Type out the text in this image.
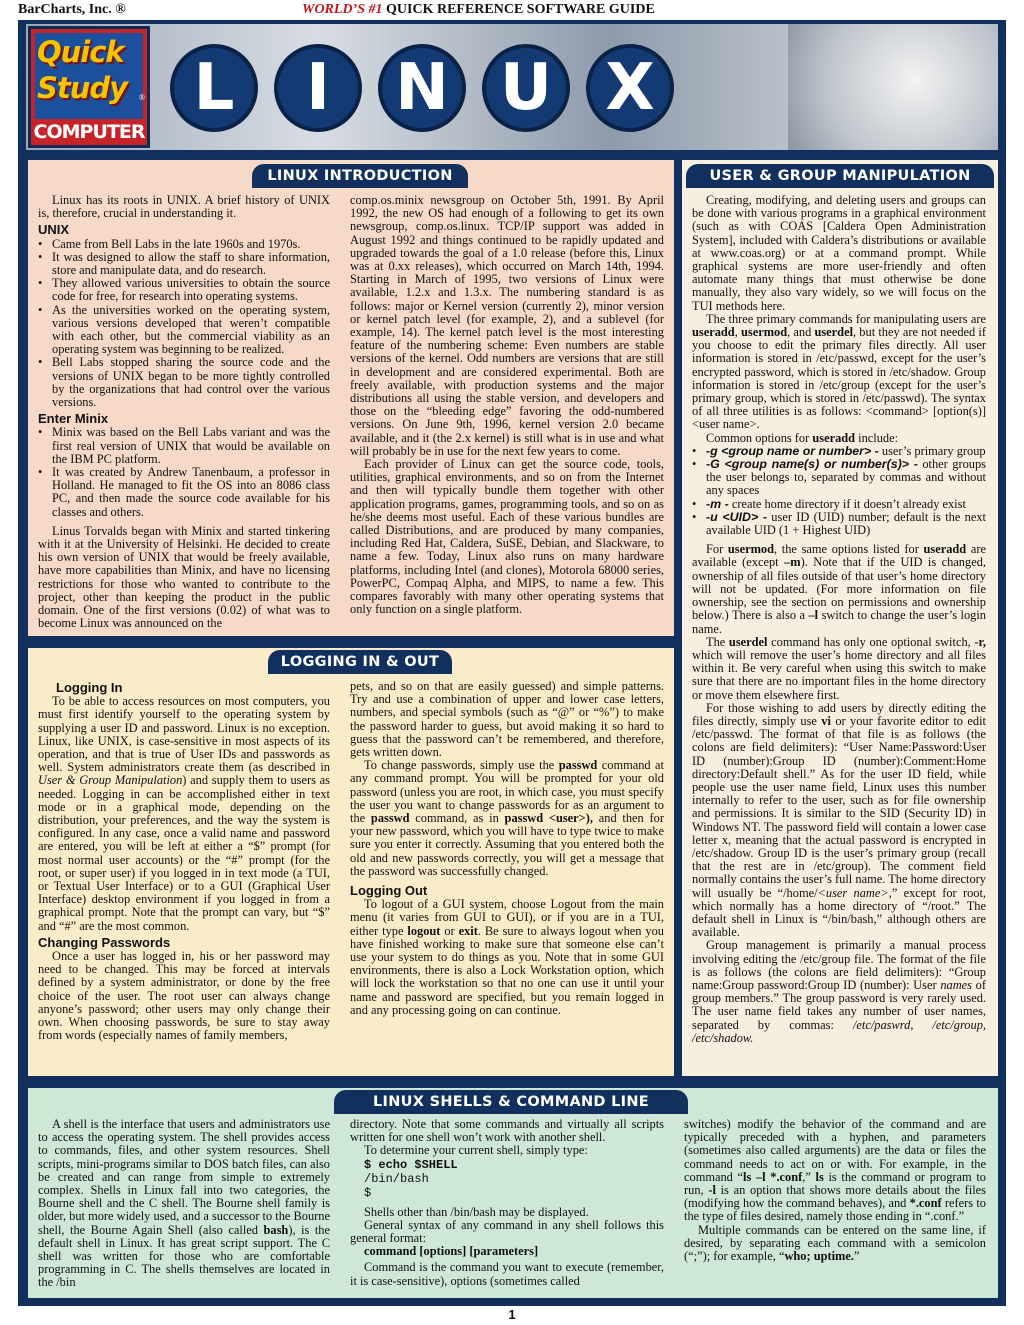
BarCharts, Inc. ®	WORLD’S #1 QUICK REFERENCE SOFTWARE GUIDE
Quick
Study ®
COMPUTER
L	I	N U X

Linux has its roots in UNIX. A brief history of UNIX is, therefore, crucial in understanding it.

UNIX
• Came from Bell Labs in the late 1960s and 1970s.
• It was designed to allow the staff to share information, store and manipulate data, and do research.
• They allowed various universities to obtain the source code for free, for research into operating systems.
• As the universities worked on the operating system, various versions developed that weren’t compatible with each other, but the commercial viability as an operating system was beginning to be realized.
• Bell Labs stopped sharing the source code and the versions of UNIX began to be more tightly controlled by the organizations that had control over the various versions.
Enter Minix
• Minix was based on the Bell Labs variant and was the first real version of UNIX that would be available on the IBM PC platform.
• It was created by Andrew Tanenbaum, a professor in Holland. He managed to fit the OS into an 8086 class PC, and then made the source code available for his classes and others.

Linus Torvalds began with Minix and started tinkering with it at the University of Helsinki. He decided to create his own version of UNIX that would be freely available, have more capabilities than Minix, and have no licensing restrictions for those who wanted to contribute to the project, other than keeping the product in the public domain. One of the first versions (0.02) of what was to become Linux was announced on the

comp.os.minix newsgroup on October 5th, 1991. By April 1992, the new OS had enough of a following to get its own newsgroup, comp.os.linux. TCP/IP support was added in August 1992 and things continued to be rapidly updated and upgraded towards the goal of a 1.0 release (before this, Linux was at 0.xx releases), which occurred on March 14th, 1994. Starting in March of 1995, two versions of Linux were available, 1.2.x and 1.3.x. The numbering standard is as follows: major or Kernel version (currently 2), minor version or kernel patch level (for example, 2), and a sublevel (for example, 14). The kernel patch level is the most interesting feature of the numbering scheme: Even numbers are stable versions of the kernel. Odd numbers are versions that are still in development and are considered experimental. Both are freely available, with production systems and the major distributions all using the stable version, and developers and those on the “bleeding edge” favoring the odd-numbered versions. On June 9th, 1996, kernel version 2.0 became available, and it (the 2.x kernel) is still what is in use and what will probably be in use for the next few years to come.

Each provider of Linux can get the source code, tools, utilities, graphical environments, and so on from the Internet and then will typically bundle them together with other application programs, games, programming tools, and so on as he/she deems most useful. Each of these various bundles are called Distributions, and are produced by many companies, including Red Hat, Caldera, SuSE, Debian, and Slackware, to name a few. Today, Linux also runs on many hardware platforms, including Intel (and clones), Motorola 68000 series, PowerPC, Compaq Alpha, and MIPS, to name a few. This compares favorably with many other operating systems that only function on a single platform.

LINUX INTRODUCTION
Logging In

To be able to access resources on most computers, you must first identify yourself to the operating system by supplying a user ID and password. Linux is no exception. Linux, like UNIX, is case-sensitive in most aspects of its operation, and that is true of User IDs and passwords as well. System administrators create them (as described in User & Group Manipulation) and supply them to users as needed. Logging in can be accomplished either in text mode or in a graphical mode, depending on the distribution, your preferences, and the way the system is configured. In any case, once a valid name and password are entered, you will be left at either a “$” prompt (for most normal user accounts) or the “#” prompt (for the root, or super user) if you logged in in text mode (a TUI, or Textual User Interface) or to a GUI (Graphical User Interface) desktop environment if you logged in from a graphical prompt. Note that the prompt can vary, but “$” and “#” are the most common.

Changing Passwords

Once a user has logged in, his or her password may need to be changed. This may be forced at intervals defined by a system administrator, or done by the free choice of the user. The root user can always change anyone’s password; other users may only change their own. When choosing passwords, be sure to stay away from words (especially names of family members,

pets, and so on that are easily guessed) and simple patterns. Try and use a combination of upper and lower case letters, numbers, and special symbols (such as “@” or “%”) to make the password harder to guess, but avoid making it so hard to guess that the password can’t be remembered, and therefore, gets written down.

To change passwords, simply use the passwd command at any command prompt. You will be prompted for your old password (unless you are root, in which case, you must specify the user you want to change passwords for as an argument to the passwd command, as in passwd <user>), and then for your new password, which you will have to type twice to make sure you enter it correctly. Assuming that you entered both the old and new passwords correctly, you will get a message that the password was successfully changed.

Logging Out

To logout of a GUI system, choose Logout from the main menu (it varies from GUI to GUI), or if you are in a TUI, either type logout or exit. Be sure to always logout when you have finished working to make sure that someone else can’t use your system to do things as you. Note that in some GUI environments, there is also a Lock Workstation option, which will lock the workstation so that no one can use it until your name and password are specified, but you remain logged in and any processing going on can continue.

LOGGING IN & OUT

Creating, modifying, and deleting users and groups can be done with various programs in a graphical environment (such as with COAS [Caldera Open Administration System], included with Caldera’s distributions or available at www.coas.org) or at a command prompt. While graphical systems are more user-friendly and often automate many things that must otherwise be done manually, they also vary widely, so we will focus on the TUI methods here.

The three primary commands for manipulating users are useradd, usermod, and userdel, but they are not needed if you choose to edit the primary files directly. All user information is stored in /etc/passwd, except for the user’s encrypted password, which is stored in /etc/shadow. Group information is stored in /etc/group (except for the user’s primary group, which is stored in /etc/passwd). The syntax of all three utilities is as follows: <command> [option(s)] <user name>.

Common options for useradd include:

• -g <group name or number> - user’s primary group
• -G <group name(s) or number(s)> - other groups the user belongs to, separated by commas and without any spaces
• -m - create home directory if it doesn’t already exist
• -u <UID> - user ID (UID) number; default is the next available UID (1 + Highest UID)

For usermod, the same options listed for useradd are available (except –m). Note that if the UID is changed, ownership of all files outside of that user’s home directory will not be updated. (For more information on file ownership, see the section on permissions and ownership below.) There is also a –l switch to change the user’s login name.

The userdel command has only one optional switch, -r, which will remove the user’s home directory and all files within it. Be very careful when using this switch to make sure that there are no important files in the home directory or move them elsewhere first.

For those wishing to add users by directly editing the files directly, simply use vi or your favorite editor to edit /etc/passwd. The format of that file is as follows (the colons are field delimiters): “User Name:Password:User ID (number):Group ID (number):Comment:Home directory:Default shell.” As for the user ID field, while people use the user name field, Linux uses this number internally to refer to the user, such as for file ownership and permissions. It is similar to the SID (Security ID) in Windows NT. The password field will contain a lower case letter x, meaning that the actual password is encrypted in /etc/shadow. Group ID is the user’s primary group (recall that the rest are in /etc/group). The comment field normally contains the user’s full name. The home directory will usually be “/home/<user name>,” except for root, which normally has a home directory of “/root.” The default shell in Linux is “/bin/bash,” although others are available.

Group management is primarily a manual process involving editing the /etc/group file. The format of the file is as follows (the colons are field delimiters): “Group name:Group password:Group ID (number): User names of group members.” The group password is very rarely used. The user name field takes any number of user names, separated by commas: /etc/paswrd, /etc/group, /etc/shadow.

USER & GROUP MANIPULATION

A shell is the interface that users and administrators use to access the operating system. The shell provides access to commands, files, and other system resources. Shell scripts, mini-programs similar to DOS batch files, can also be created and can range from simple to extremely complex. Shells in Linux fall into two categories, the Bourne shell and the C shell. The Bourne shell family is older, but more widely used, and a successor to the Bourne shell, the Bourne Again Shell (also called bash), is the default shell in Linux. It has great script support. The C shell was written for those who are comfortable programming in C. The shells themselves are located in the /bin

directory. Note that some commands and virtually all scripts written for one shell won’t work with another shell.

To determine your current shell, simply type:

$ echo $SHELL
/bin/bash
$

Shells other than /bin/bash may be displayed.

General syntax of any command in any shell follows this general format:

command [options] [parameters]

Command is the command you want to execute (remember, it is case-sensitive), options (sometimes called

switches) modify the behavior of the command and are typically preceded with a hyphen, and parameters (sometimes also called arguments) are the data or files the command needs to act on or with. For example, in the command “ls –l *.conf,” ls is the command or program to run, -l is an option that shows more details about the files (modifying how the command behaves), and *.conf refers to the type of files desired, namely those ending in “.conf.”

Multiple commands can be entered on the same line, if desired, by separating each command with a semicolon (“;”); for example, “who; uptime.”

LINUX SHELLS & COMMAND LINE
1
